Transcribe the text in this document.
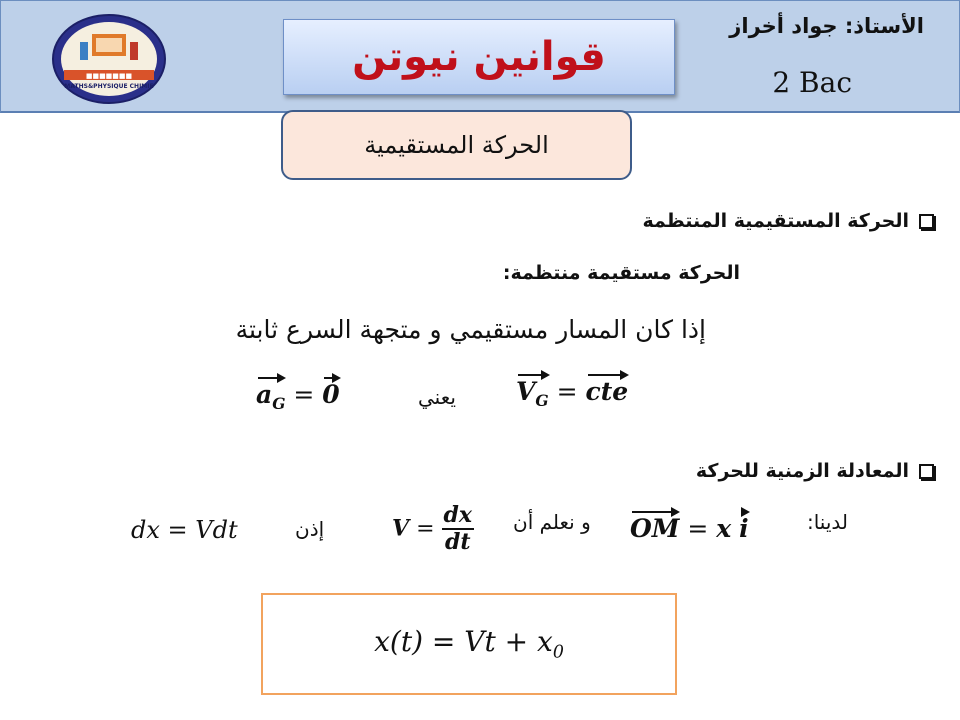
■■■■■■■
MATHS&PHYSIQUE CHIMIE
قوانين نيوتن
الأستاذ: جواد أخراز
2 Bac
الحركة المستقيمية
الحركة المستقيمية المنتظمة
الحركة مستقيمة منتظمة:
إذا كان المسار مستقيمي و متجهة السرع ثابتة
$V_G$ = cte
يعني
$a_G = 0$
المعادلة الزمنية للحركة
لدينا:
OM = x i
و نعلم أن
$V = \frac{dx}{dt}$
إذن
dx = Vdt
$x(t) = Vt + x_0$
